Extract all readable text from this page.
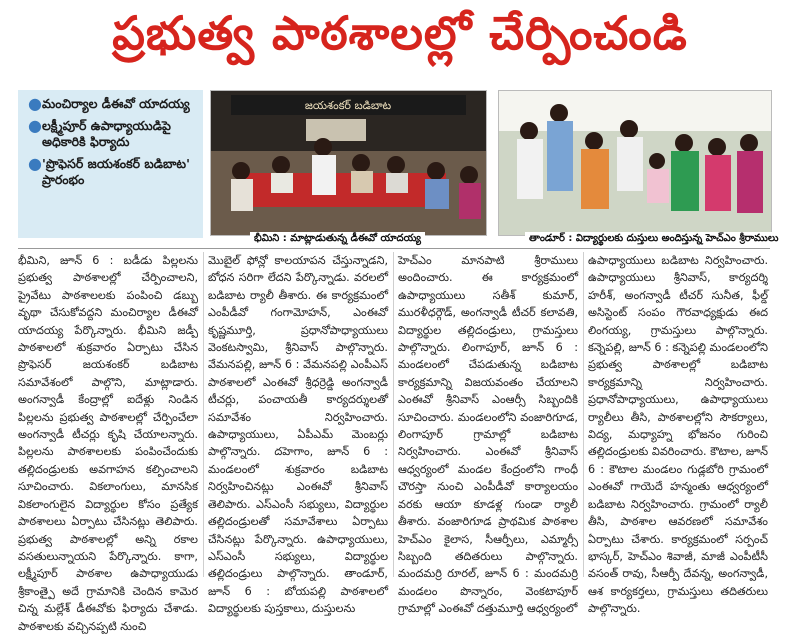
ప్రభుత్వ పాఠశాలల్లో చేర్పించండి
● మంచిర్యాల డీఈవో యాదయ్య
● లక్ష్మీపూర్ ఉపాధ్యాయుడిపై అధికారికి ఫిర్యాదు
● 'ప్రొఫెసర్ జయశంకర్ బడిబాట' ప్రారంభం
జయశంకర్ బడిబాట
భీమిని : మాట్లాడుతున్న డీఈవో యాదయ్య	తాండూర్ : విద్యార్థులకు దుస్తులు అందిస్తున్న హెచ్ఎం శ్రీరాములు

భీమిని, జూన్ 6 : బడీడు పిల్లలను ప్రభుత్వ పాఠశాలల్లో చేర్పించాలని, ప్రైవేటు పాఠశాలలకు పంపించి డబ్బు వృథా చేసుకోవద్దని మంచిర్యాల డీఈవో యాదయ్య పేర్కొన్నారు. భీమిని జడ్పీ పాఠశాలలో శుక్రవారం ఏర్పాటు చేసిన ప్రొఫెసర్ జయశంకర్ బడిబాట సమావేశంలో పాల్గొని, మాట్లాడారు. అంగన్వాడీ కేంద్రాల్లో ఐదేళ్లు నిండిన పిల్లలను ప్రభుత్వ పాఠశాలల్లో చేర్పించేలా అంగన్వాడీ టీచర్లు కృషి చేయాలన్నారు. పిల్లలను పాఠశాలలకు పంపించేందుకు తల్లిదండ్రులకు అవగాహన కల్పించాలని సూచించారు. వికలాంగులు, మానసిక వికలాంగులైన విద్యార్థుల కోసం ప్రత్యేక పాఠశాలలు ఏర్పాటు చేసినట్లు తెలిపారు. ప్రభుత్వ పాఠశాలల్లో అన్ని రకాల వసతులున్నాయని పేర్కొన్నారు. కాగా, లక్ష్మీపూర్ పాఠశాల ఉపాధ్యాయుడు శ్రీకాంత్పై అదే గ్రామానికి చెందిన కామెర చిన్న మల్లేశ్ డీఈవోకు ఫిర్యాదు చేశాడు. పాఠశాలకు వచ్చినప్పటి నుంచి

మొబైల్ ఫోన్లో కాలయాపన చేస్తున్నాడని, బోధన సరిగా లేదని పేర్కొన్నాడు. వరలలో బడిబాట ర్యాలీ తీశారు. ఈ కార్యక్రమంలో ఎంపీడీవో గంగామోహన్, ఎంఈవో కృష్ణమూర్తి, ప్రధానోపాధ్యాయులు వెంకటస్వామి, శ్రీనివాస్ పాల్గొన్నారు. వేమనపల్లి, జూన్ 6 : వేమనపల్లి ఎంపీఎస్ పాఠశాలలో ఎంఈవో శ్రీధర్రెడ్డి అంగన్వాడీ టీచర్లు, పంచాయతీ కార్యదర్శులతో సమావేశం నిర్వహించారు. ఉపాధ్యాయులు, ఏపీఎమ్ మెంబర్లు పాల్గొన్నారు. దహెగాం, జూన్ 6 : మండలంలో శుక్రవారం బడిబాట నిర్వహించినట్లు ఎంఈవో శ్రీనివాస్ తెలిపారు. ఎస్ఎంసీ సభ్యులు, విద్యార్థుల తల్లిదండ్రులతో సమావేశాలు ఏర్పాటు చేసినట్లు పేర్కొన్నారు. ఉపాధ్యాయులు, ఎస్ఎంసీ సభ్యులు, విద్యార్థుల తల్లిదండ్రులు పాల్గొన్నారు. తాండూర్, జూన్ 6 : బోయపల్లి పాఠశాలలో విద్యార్థులకు పుస్తకాలు, దుస్తులను

హెచ్ఎం మానపాటి శ్రీరాములు అందించారు. ఈ కార్యక్రమంలో ఉపాధ్యాయులు సతీశ్ కుమార్, మురళీధర్గౌడ్, అంగన్వాడీ టీచర్ కలావతి, విద్యార్థుల తల్లిదండ్రులు, గ్రామస్తులు పాల్గొన్నారు. లింగాపూర్, జూన్ 6 : మండలంలో చేపడుతున్న బడిబాట కార్యక్రమాన్ని విజయవంతం చేయాలని ఎంఈవో శ్రీనివాస్ ఎంఆర్సీ సిబ్బందికి సూచించారు. మండలంలోని వంజారిగూడ, లింగాపూర్ గ్రామాల్లో బడిబాట నిర్వహించారు. ఎంఈవో శ్రీనివాస్ ఆధ్వర్యంలో మండల కేంద్రంలోని గాంధీ చౌరస్తా నుంచి ఎంపీడీవో కార్యాలయం వరకు ఆయా కూడళ్ల గుండా ర్యాలీ తీశారు. వంజారిగూడ ప్రాథమిక పాఠశాల హెచ్ఎం కైలాస, సీఆర్పీలు, ఎమ్మార్సీ సిబ్బంది తదితరులు పాల్గొన్నారు. మందమర్రి రూరల్, జూన్ 6 : మందమర్రి మండలం పొన్నారం, వెంకటాపూర్ గ్రామాల్లో ఎంఈవో దత్తుమూర్తి ఆధ్వర్యంలో

ఉపాధ్యాయులు బడిబాట నిర్వహించారు. ఉపాధ్యాయులు శ్రీనివాస్, కార్యదర్శి హరీశ్, అంగన్వాడీ టీచర్ సునీత, ఫీల్డ్ అసిస్టెంట్ సంపం గౌరవాధ్యక్షుడు ఈద లింగయ్య, గ్రామస్తులు పాల్గొన్నారు. కన్నెపల్లి, జూన్ 6 : కన్నెపల్లి మండలంలోని ప్రభుత్వ పాఠశాలల్లో బడిబాట కార్యక్రమాన్ని నిర్వహించారు. ప్రధానోపాధ్యాయులు, ఉపాధ్యాయులు ర్యాలీలు తీసి, పాఠశాలల్లోని సౌకర్యాలు, విద్య, మధ్యాహ్న భోజనం గురించి తల్లిదండ్రులకు వివరించారు. కౌటాల, జూన్ 6 : కౌటాల మండలం గుడ్లబోరి గ్రామంలో ఎంఈవో గాయెదే హన్మంతు ఆధ్వర్యంలో బడిబాట నిర్వహించారు. గ్రామంలో ర్యాలీ తీసి, పాఠశాల ఆవరణలో సమావేశం ఏర్పాటు చేశారు. కార్యక్రమంలో సర్పంచ్ భాస్కర్, హెచ్ఎం శివాజీ, మాజీ ఎంపీటీసీ వసంత్ రావు, సీఆర్పీ దేవన్న, అంగన్వాడీ, ఆశ కార్యకర్తలు, గ్రామస్తులు తదితరులు పాల్గొన్నారు.
